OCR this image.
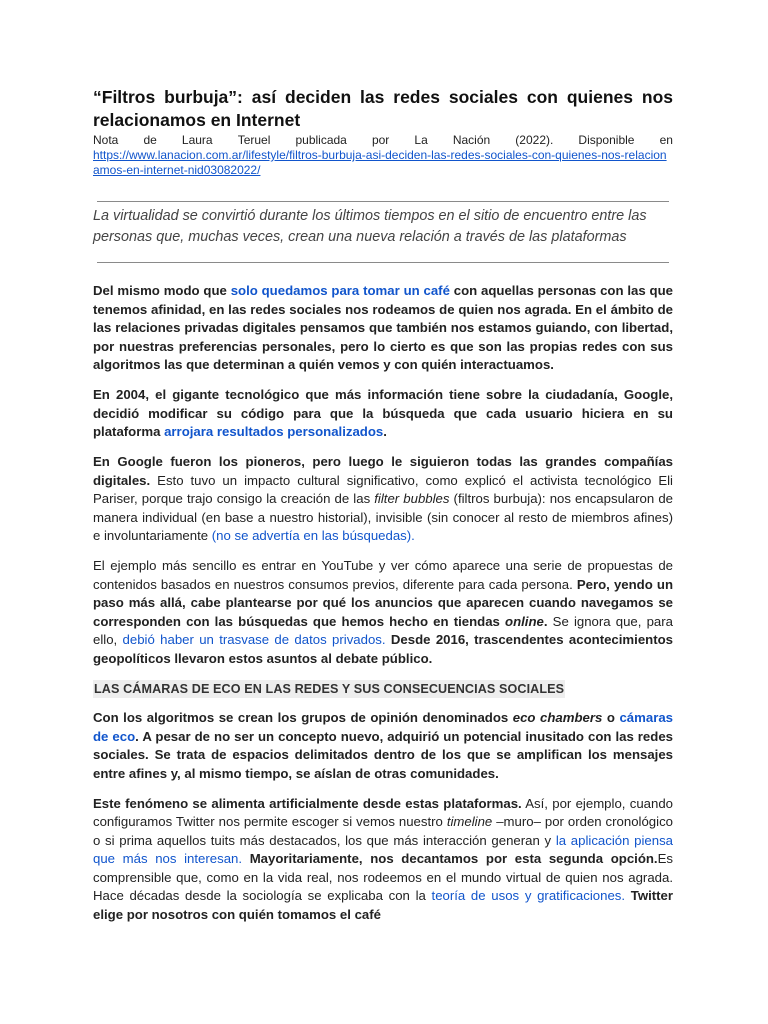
“Filtros burbuja”: así deciden las redes sociales con quienes nos relacionamos en Internet
Nota de Laura Teruel publicada por La Nación (2022). Disponible en
https://www.lanacion.com.ar/lifestyle/filtros-burbuja-asi-deciden-las-redes-sociales-con-quienes-nos-relacionamos-en-internet-nid03082022/
La virtualidad se convirtió durante los últimos tiempos en el sitio de encuentro entre las personas que, muchas veces, crean una nueva relación a través de las plataformas

Del mismo modo que solo quedamos para tomar un café con aquellas personas con las que tenemos afinidad, en las redes sociales nos rodeamos de quien nos agrada. En el ámbito de las relaciones privadas digitales pensamos que también nos estamos guiando, con libertad, por nuestras preferencias personales, pero lo cierto es que son las propias redes con sus algoritmos las que determinan a quién vemos y con quién interactuamos.

En 2004, el gigante tecnológico que más información tiene sobre la ciudadanía, Google, decidió modificar su código para que la búsqueda que cada usuario hiciera en su plataforma arrojara resultados personalizados.

En Google fueron los pioneros, pero luego le siguieron todas las grandes compañías digitales. Esto tuvo un impacto cultural significativo, como explicó el activista tecnológico Eli Pariser, porque trajo consigo la creación de las filter bubbles (filtros burbuja): nos encapsularon de manera individual (en base a nuestro historial), invisible (sin conocer al resto de miembros afines) e involuntariamente (no se advertía en las búsquedas).

El ejemplo más sencillo es entrar en YouTube y ver cómo aparece una serie de propuestas de contenidos basados en nuestros consumos previos, diferente para cada persona. Pero, yendo un paso más allá, cabe plantearse por qué los anuncios que aparecen cuando navegamos se corresponden con las búsquedas que hemos hecho en tiendas online. Se ignora que, para ello, debió haber un trasvase de datos privados. Desde 2016, trascendentes acontecimientos geopolíticos llevaron estos asuntos al debate público.

LAS CÁMARAS DE ECO EN LAS REDES Y SUS CONSECUENCIAS SOCIALES

Con los algoritmos se crean los grupos de opinión denominados eco chambers o cámaras de eco. A pesar de no ser un concepto nuevo, adquirió un potencial inusitado con las redes sociales. Se trata de espacios delimitados dentro de los que se amplifican los mensajes entre afines y, al mismo tiempo, se aíslan de otras comunidades.

Este fenómeno se alimenta artificialmente desde estas plataformas. Así, por ejemplo, cuando configuramos Twitter nos permite escoger si vemos nuestro timeline –muro– por orden cronológico o si prima aquellos tuits más destacados, los que más interacción generan y la aplicación piensa que más nos interesan. Mayoritariamente, nos decantamos por esta segunda opción.Es comprensible que, como en la vida real, nos rodeemos en el mundo virtual de quien nos agrada. Hace décadas desde la sociología se explicaba con la teoría de usos y gratificaciones. Twitter elige por nosotros con quién tomamos el café
